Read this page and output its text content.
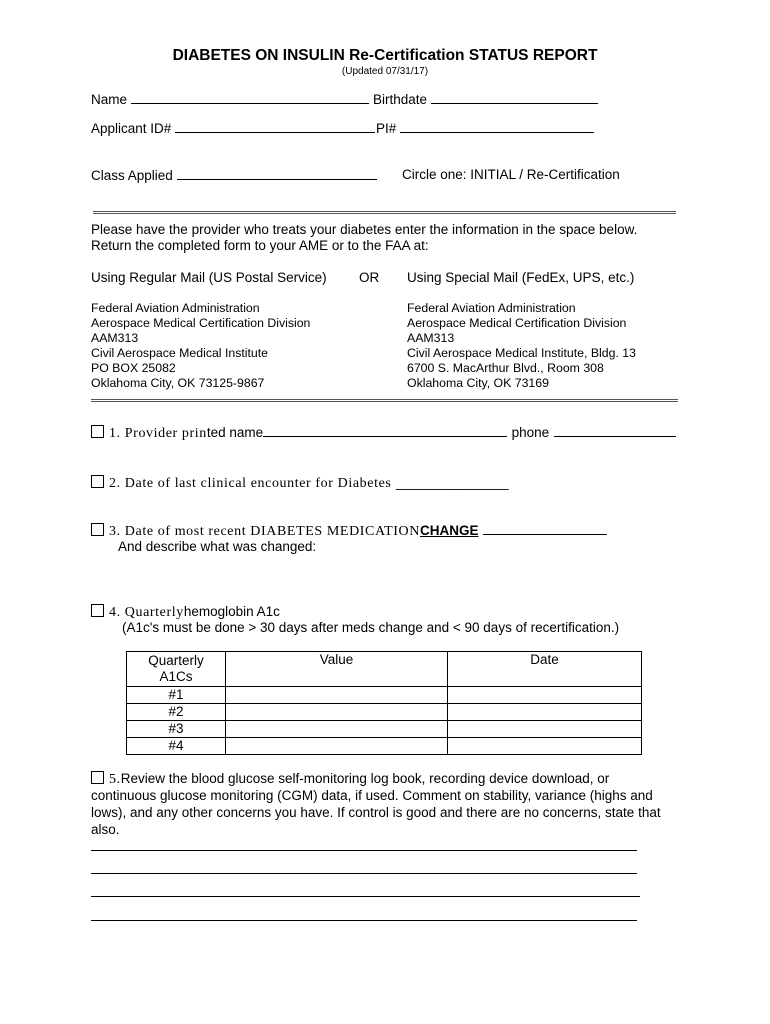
DIABETES ON INSULIN Re-Certification STATUS REPORT
(Updated 07/31/17)
Name	Birthdate
Applicant ID#	PI#
Class Applied	Circle one: INITIAL / Re-Certification
Please have the provider who treats your diabetes enter the information in the space below.
Return the completed form to your AME or to the FAA at:
Using Regular Mail (US Postal Service) OR Using Special Mail (FedEx, UPS, etc.)
Federal Aviation Administration
Aerospace Medical Certification Division
AAM313
Civil Aerospace Medical Institute
PO BOX 25082
Oklahoma City, OK 73125-9867
Federal Aviation Administration
Aerospace Medical Certification Division
AAM313
Civil Aerospace Medical Institute, Bldg. 13
6700 S. MacArthur Blvd., Room 308
Oklahoma City, OK 73169
1. Provider printed name	phone
2. Date of last clinical encounter for Diabetes _______________
3. Date of most recent DIABETES MEDICATIONCHANGE
And describe what was changed:
4. Quarterlyhemoglobin A1c
(A1c's must be done > 30 days after meds change and < 90 days of recertification.)
Quarterly
A1Cs	Value	Date
#1		
#2		
#3		
#4		
5.Review the blood glucose self-monitoring log book, recording device download, or
continuous glucose monitoring (CGM) data, if used. Comment on stability, variance (highs and
lows), and any other concerns you have. If control is good and there are no concerns, state that
also.
